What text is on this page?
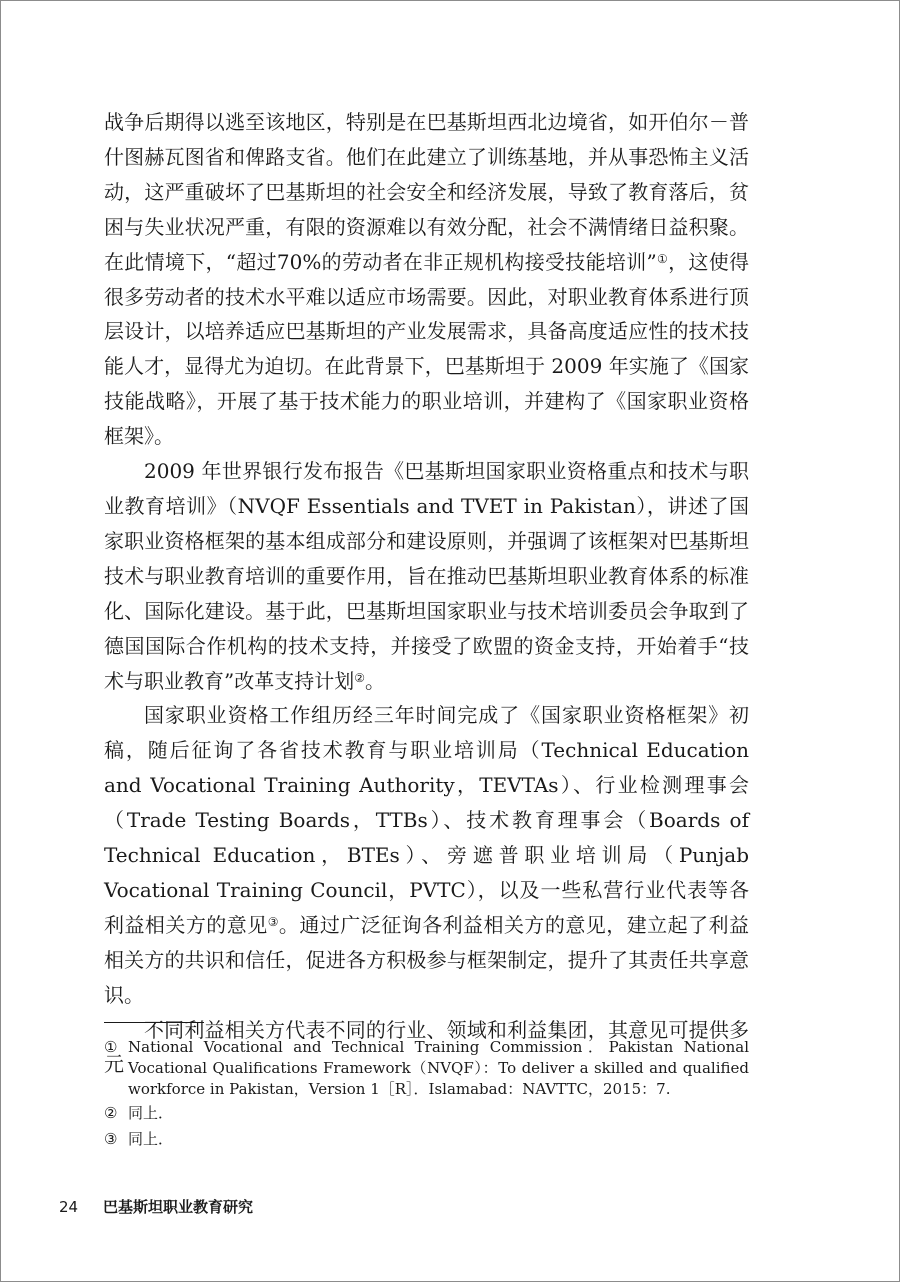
战争后期得以逃至该地区，特别是在巴基斯坦西北边境省，如开伯尔－普什图赫瓦图省和俾路支省。他们在此建立了训练基地，并从事恐怖主义活动，这严重破坏了巴基斯坦的社会安全和经济发展，导致了教育落后，贫困与失业状况严重，有限的资源难以有效分配，社会不满情绪日益积聚。在此情境下，“超过70%的劳动者在非正规机构接受技能培训”①，这使得很多劳动者的技术水平难以适应市场需要。因此，对职业教育体系进行顶层设计，以培养适应巴基斯坦的产业发展需求，具备高度适应性的技术技能人才，显得尤为迫切。在此背景下，巴基斯坦于 2009 年实施了《国家技能战略》，开展了基于技术能力的职业培训，并建构了《国家职业资格框架》。

2009 年世界银行发布报告《巴基斯坦国家职业资格重点和技术与职业教育培训》（NVQF Essentials and TVET in Pakistan），讲述了国家职业资格框架的基本组成部分和建设原则，并强调了该框架对巴基斯坦技术与职业教育培训的重要作用，旨在推动巴基斯坦职业教育体系的标准化、国际化建设。基于此，巴基斯坦国家职业与技术培训委员会争取到了德国国际合作机构的技术支持，并接受了欧盟的资金支持，开始着手“技术与职业教育”改革支持计划②。

国家职业资格工作组历经三年时间完成了《国家职业资格框架》初稿，随后征询了各省技术教育与职业培训局（Technical Education and Vocational Training Authority，TEVTAs）、行业检测理事会（Trade Testing Boards，TTBs）、技术教育理事会（Boards of Technical Education，BTEs）、旁遮普职业培训局（Punjab Vocational Training Council，PVTC），以及一些私营行业代表等各利益相关方的意见③。通过广泛征询各利益相关方的意见，建立起了利益相关方的共识和信任，促进各方积极参与框架制定，提升了其责任共享意识。

不同利益相关方代表不同的行业、领域和利益集团，其意见可提供多元

① National Vocational and Technical Training Commission．Pakistan National Vocational Qualifications Framework（NVQF）：To deliver a skilled and qualified workforce in Pakistan，Version 1［R］．Islamabad：NAVTTC，2015：7.
② 同上．
③ 同上．
24 巴基斯坦职业教育研究
